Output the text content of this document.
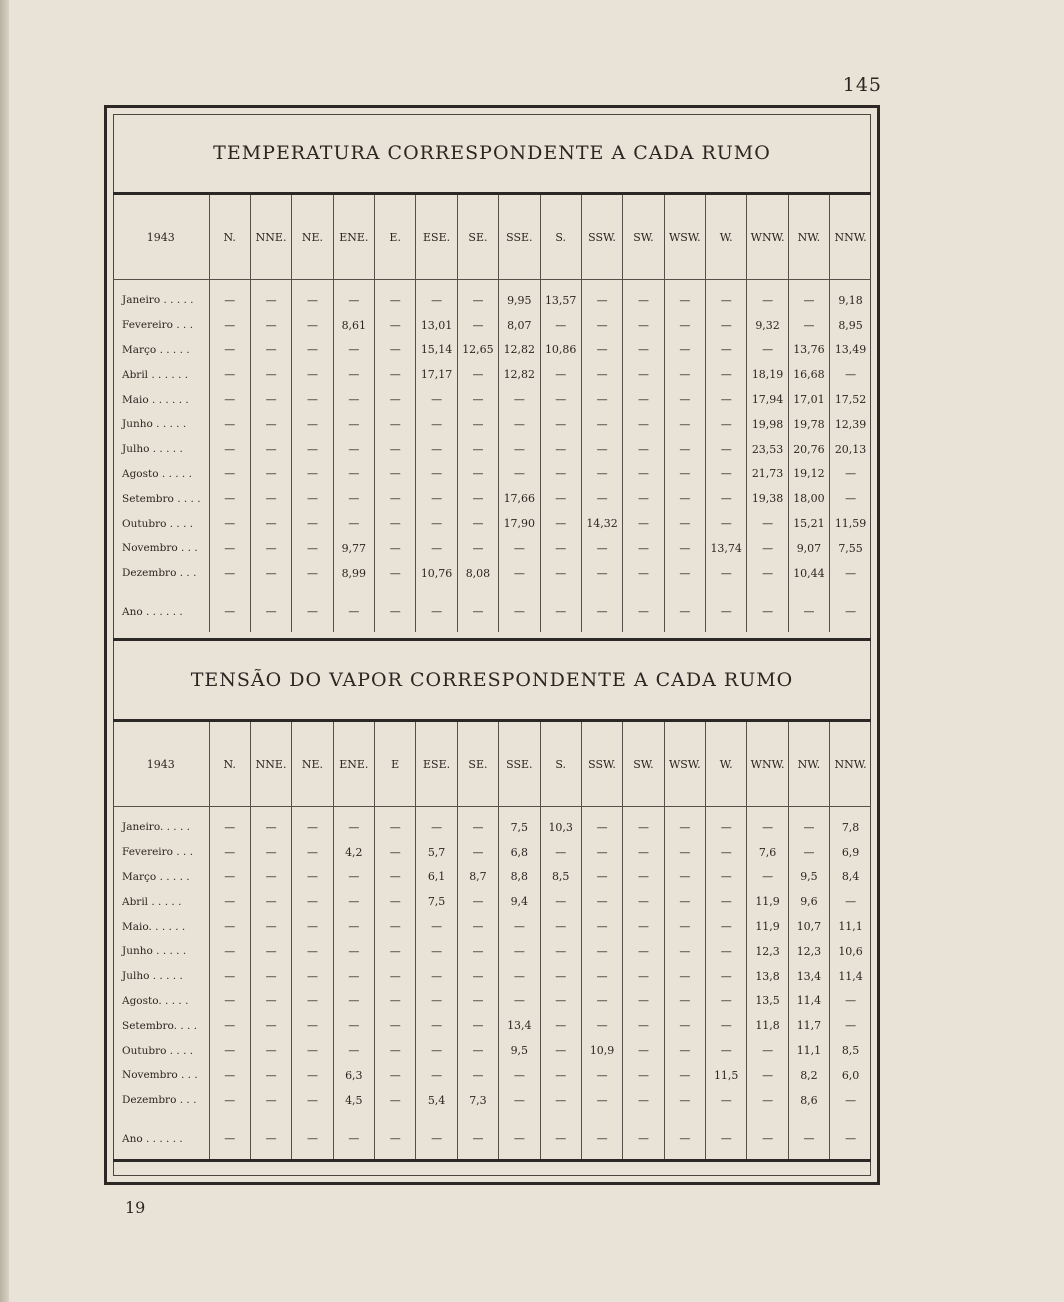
145
TEMPERATURA CORRESPONDENTE A CADA RUMO
1943	N.	NNE.	NE.	ENE.	E.	ESE.	SE.	SSE.	S.	SSW.	SW.	WSW.	W.	WNW.	NW.	NNW.
Janeiro . . . . .	—	—	—	—	—	—	—	9,95	13,57	—	—	—	—	—	—	9,18
Fevereiro . . .	—	—	—	8,61	—	13,01	—	8,07	—	—	—	—	—	9,32	—	8,95
Março . . . . .	—	—	—	—	—	15,14	12,65	12,82	10,86	—	—	—	—	—	13,76	13,49
Abril . . . . . .	—	—	—	—	—	17,17	—	12,82	—	—	—	—	—	18,19	16,68	—
Maio . . . . . .	—	—	—	—	—	—	—	—	—	—	—	—	—	17,94	17,01	17,52
Junho . . . . .	—	—	—	—	—	—	—	—	—	—	—	—	—	19,98	19,78	12,39
Julho . . . . .	—	—	—	—	—	—	—	—	—	—	—	—	—	23,53	20,76	20,13
Agosto . . . . .	—	—	—	—	—	—	—	—	—	—	—	—	—	21,73	19,12	—
Setembro . . . .	—	—	—	—	—	—	—	17,66	—	—	—	—	—	19,38	18,00	—
Outubro . . . .	—	—	—	—	—	—	—	17,90	—	14,32	—	—	—	—	15,21	11,59
Novembro . . .	—	—	—	9,77	—	—	—	—	—	—	—	—	13,74	—	9,07	7,55
Dezembro . . .	—	—	—	8,99	—	10,76	8,08	—	—	—	—	—	—	—	10,44	—
Ano . . . . . .	—	—	—	—	—	—	—	—	—	—	—	—	—	—	—	—
TENSÃO DO VAPOR CORRESPONDENTE A CADA RUMO
1943	N.	NNE.	NE.	ENE.	E	ESE.	SE.	SSE.	S.	SSW.	SW.	WSW.	W.	WNW.	NW.	NNW.
Janeiro. . . . .	—	—	—	—	—	—	—	7,5	10,3	—	—	—	—	—	—	7,8
Fevereiro . . .	—	—	—	4,2	—	5,7	—	6,8	—	—	—	—	—	7,6	—	6,9
Março . . . . .	—	—	—	—	—	6,1	8,7	8,8	8,5	—	—	—	—	—	9,5	8,4
Abril . . . . .	—	—	—	—	—	7,5	—	9,4	—	—	—	—	—	11,9	9,6	—
Maio. . . . . .	—	—	—	—	—	—	—	—	—	—	—	—	—	11,9	10,7	11,1
Junho . . . . .	—	—	—	—	—	—	—	—	—	—	—	—	—	12,3	12,3	10,6
Julho . . . . .	—	—	—	—	—	—	—	—	—	—	—	—	—	13,8	13,4	11,4
Agosto. . . . .	—	—	—	—	—	—	—	—	—	—	—	—	—	13,5	11,4	—
Setembro. . . .	—	—	—	—	—	—	—	13,4	—	—	—	—	—	11,8	11,7	—
Outubro . . . .	—	—	—	—	—	—	—	9,5	—	10,9	—	—	—	—	11,1	8,5
Novembro . . .	—	—	—	6,3	—	—	—	—	—	—	—	—	11,5	—	8,2	6,0
Dezembro . . .	—	—	—	4,5	—	5,4	7,3	—	—	—	—	—	—	—	8,6	—
Ano . . . . . .	—	—	—	—	—	—	—	—	—	—	—	—	—	—	—	—
19
